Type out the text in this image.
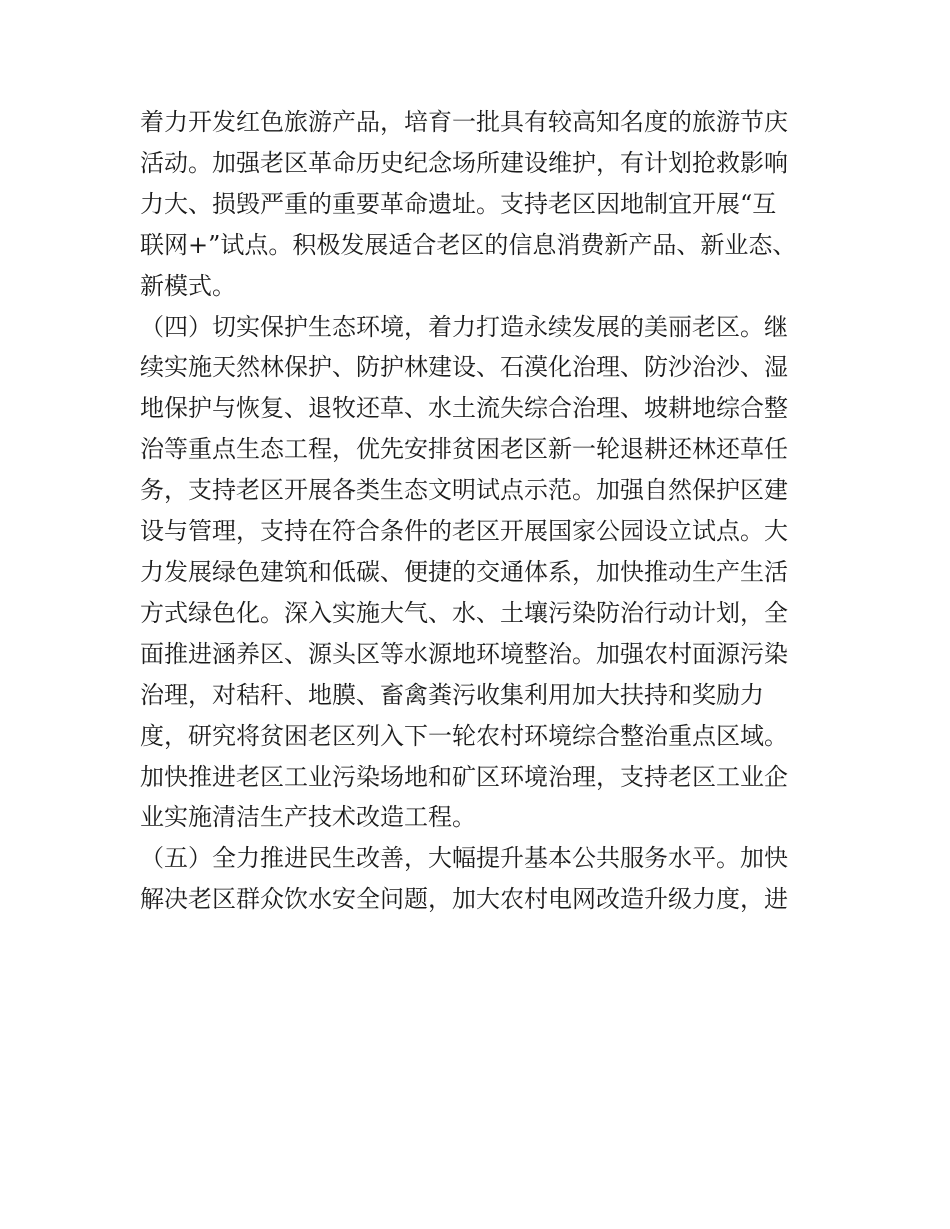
着力开发红色旅游产品，培育一批具有较高知名度的旅游节庆
活动。加强老区革命历史纪念场所建设维护，有计划抢救影响
力大、损毁严重的重要革命遗址。支持老区因地制宜开展“互
联网+”试点。积极发展适合老区的信息消费新产品、新业态、
新模式。
（四）切实保护生态环境，着力打造永续发展的美丽老区。继
续实施天然林保护、防护林建设、石漠化治理、防沙治沙、湿
地保护与恢复、退牧还草、水土流失综合治理、坡耕地综合整
治等重点生态工程，优先安排贫困老区新一轮退耕还林还草任
务，支持老区开展各类生态文明试点示范。加强自然保护区建
设与管理，支持在符合条件的老区开展国家公园设立试点。大
力发展绿色建筑和低碳、便捷的交通体系，加快推动生产生活
方式绿色化。深入实施大气、水、土壤污染防治行动计划，全
面推进涵养区、源头区等水源地环境整治。加强农村面源污染
治理，对秸秆、地膜、畜禽粪污收集利用加大扶持和奖励力
度，研究将贫困老区列入下一轮农村环境综合整治重点区域。
加快推进老区工业污染场地和矿区环境治理，支持老区工业企
业实施清洁生产技术改造工程。
（五）全力推进民生改善，大幅提升基本公共服务水平。加快
解决老区群众饮水安全问题，加大农村电网改造升级力度，进
